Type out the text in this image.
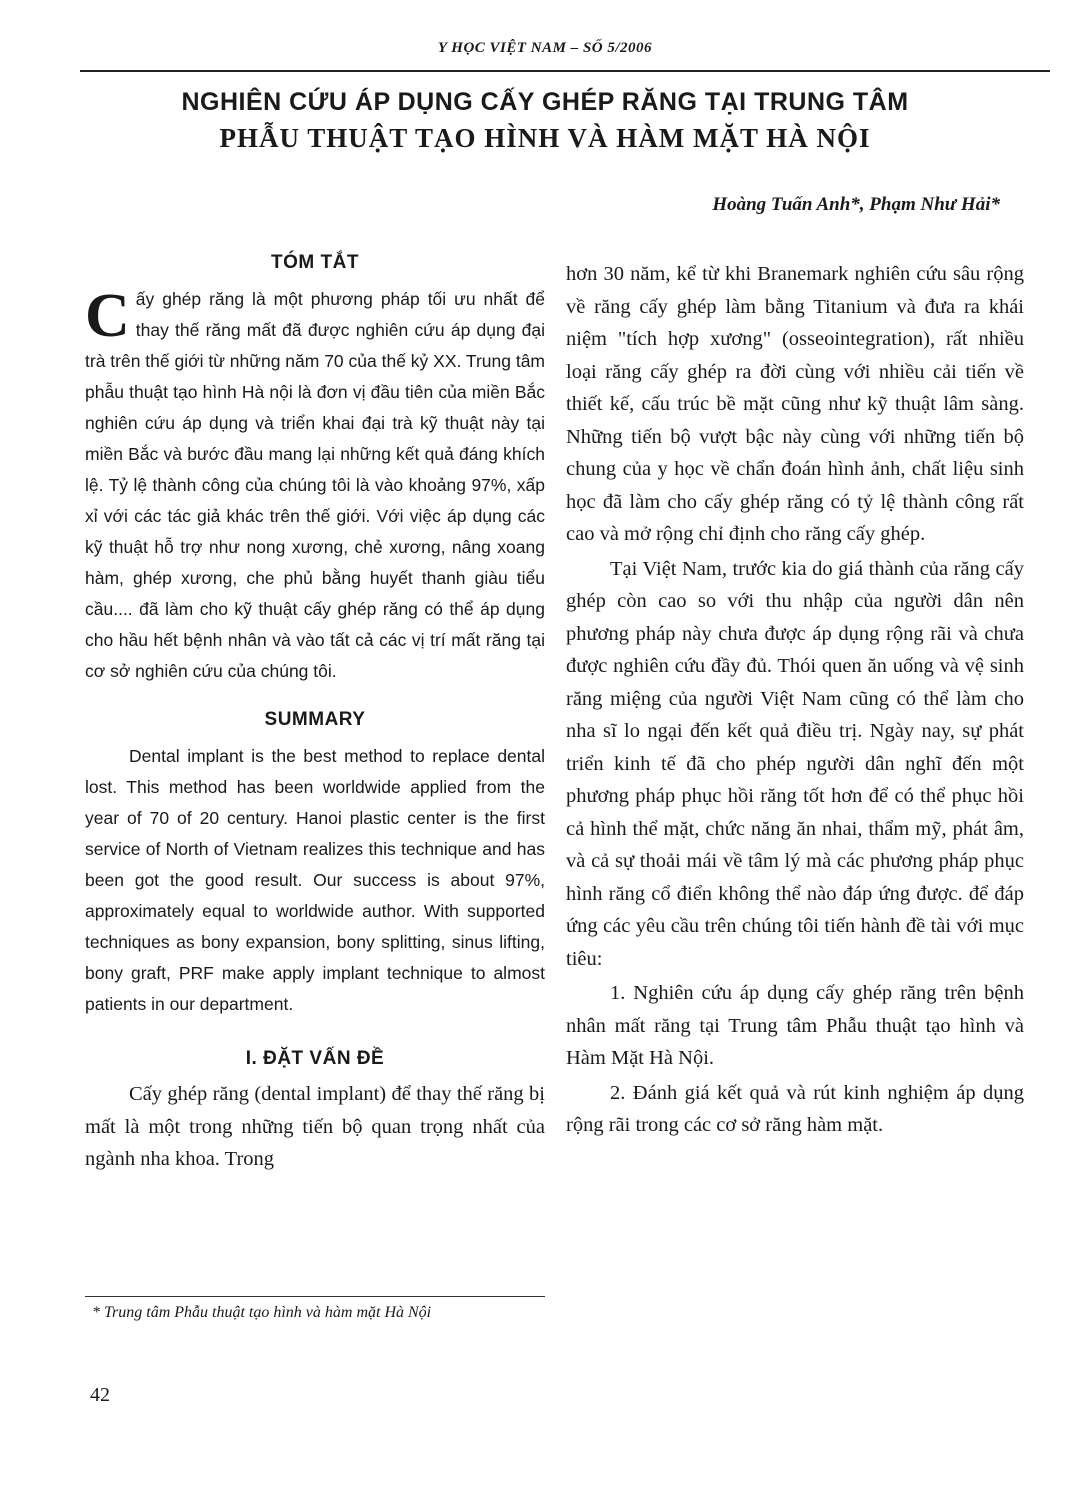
Y HỌC VIỆT NAM – SỐ 5/2006

NGHIÊN CỨU ÁP DỤNG CẤY GHÉP RĂNG TẠI TRUNG TÂM

PHẪU THUẬT TẠO HÌNH VÀ HÀM MẶT HÀ NỘI

Hoàng Tuấn Anh*, Phạm Như Hải*
TÓM TẮT

Cấy ghép răng là một phương pháp tối ưu nhất để thay thế răng mất đã được nghiên cứu áp dụng đại trà trên thế giới từ những năm 70 của thế kỷ XX. Trung tâm phẫu thuật tạo hình Hà nội là đơn vị đầu tiên của miền Bắc nghiên cứu áp dụng và triển khai đại trà kỹ thuật này tại miền Bắc và bước đầu mang lại những kết quả đáng khích lệ. Tỷ lệ thành công của chúng tôi là vào khoảng 97%, xấp xỉ với các tác giả khác trên thế giới. Với việc áp dụng các kỹ thuật hỗ trợ như nong xương, chẻ xương, nâng xoang hàm, ghép xương, che phủ bằng huyết thanh giàu tiểu cầu.... đã làm cho kỹ thuật cấy ghép răng có thể áp dụng cho hầu hết bệnh nhân và vào tất cả các vị trí mất răng tại cơ sở nghiên cứu của chúng tôi.

SUMMARY

Dental implant is the best method to replace dental lost. This method has been worldwide applied from the year of 70 of 20 century. Hanoi plastic center is the first service of North of Vietnam realizes this technique and has been got the good result. Our success is about 97%, approximately equal to worldwide author. With supported techniques as bony expansion, bony splitting, sinus lifting, bony graft, PRF make apply implant technique to almost patients in our department.

I. ĐẶT VẤN ĐỀ

Cấy ghép răng (dental implant) để thay thế răng bị mất là một trong những tiến bộ quan trọng nhất của ngành nha khoa. Trong

hơn 30 năm, kể từ khi Branemark nghiên cứu sâu rộng về răng cấy ghép làm bằng Titanium và đưa ra khái niệm "tích hợp xương" (osseointegration), rất nhiều loại răng cấy ghép ra đời cùng với nhiều cải tiến về thiết kế, cấu trúc bề mặt cũng như kỹ thuật lâm sàng. Những tiến bộ vượt bậc này cùng với những tiến bộ chung của y học về chẩn đoán hình ảnh, chất liệu sinh học đã làm cho cấy ghép răng có tỷ lệ thành công rất cao và mở rộng chỉ định cho răng cấy ghép.

Tại Việt Nam, trước kia do giá thành của răng cấy ghép còn cao so với thu nhập của người dân nên phương pháp này chưa được áp dụng rộng rãi và chưa được nghiên cứu đầy đủ. Thói quen ăn uống và vệ sinh răng miệng của người Việt Nam cũng có thể làm cho nha sĩ lo ngại đến kết quả điều trị. Ngày nay, sự phát triển kinh tế đã cho phép người dân nghĩ đến một phương pháp phục hồi răng tốt hơn để có thể phục hồi cả hình thể mặt, chức năng ăn nhai, thẩm mỹ, phát âm, và cả sự thoải mái về tâm lý mà các phương pháp phục hình răng cổ điển không thể nào đáp ứng được. để đáp ứng các yêu cầu trên chúng tôi tiến hành đề tài với mục tiêu:

1. Nghiên cứu áp dụng cấy ghép răng trên bệnh nhân mất răng tại Trung tâm Phẫu thuật tạo hình và Hàm Mặt Hà Nội.

2. Đánh giá kết quả và rút kinh nghiệm áp dụng rộng rãi trong các cơ sở răng hàm mặt.

* Trung tâm Phẫu thuật tạo hình và hàm mặt Hà Nội
42
